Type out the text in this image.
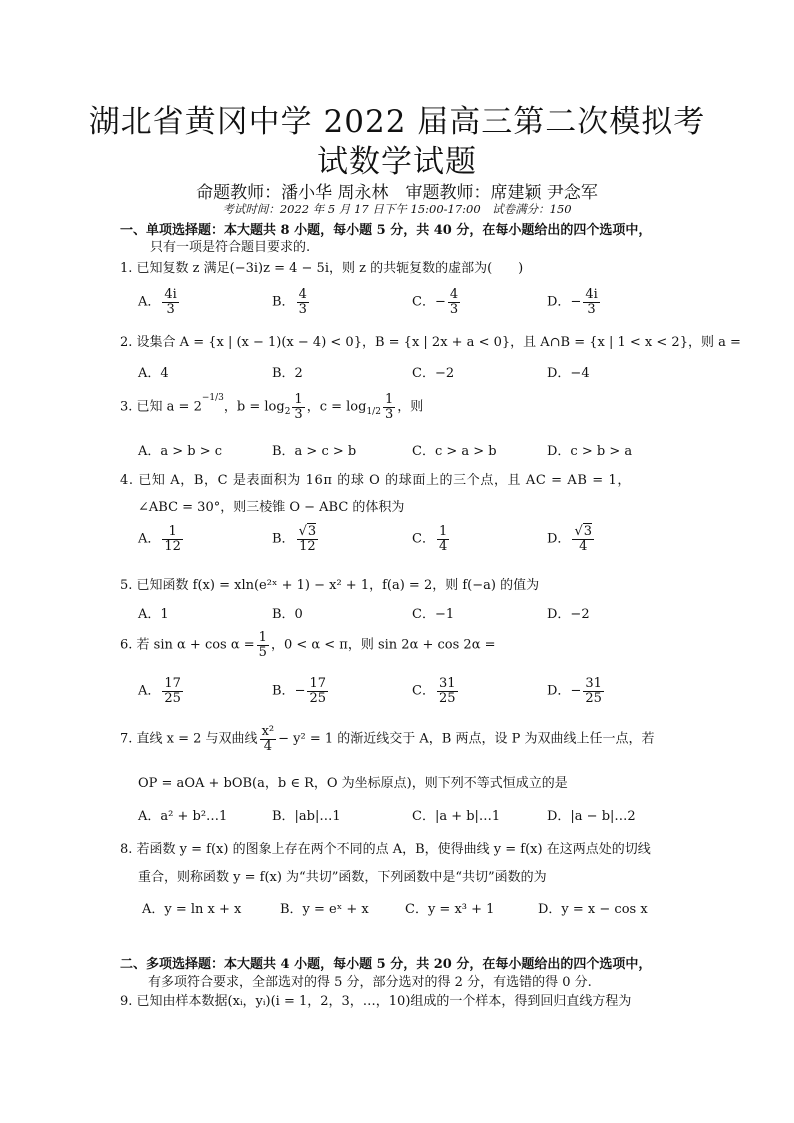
湖北省黄冈中学 2022 届高三第二次模拟考
试数学试题
命题教师：潘小华 周永林　审题教师：席建颖 尹念军
考试时间：2022 年 5 月 17 日下午 15:00-17:00　试卷满分：150
一、单项选择题：本大题共 8 小题，每小题 5 分，共 40 分，在每小题给出的四个选项中，
只有一项是符合题目要求的.
1. 已知复数 z 满足(−3i)z = 4 − 5i，则 z 的共轭复数的虚部为(　　)
A． $\frac{4i}{3}$	B． $\frac{4}{3}$	C．− $\frac{4}{3}$	D．− $\frac{4i}{3}$
2. 设集合 A = {x | (x − 1)(x − 4) < 0}，B = {x | 2x + a < 0}，且 A∩B = {x | 1 < x < 2}，则 a =
A．4	B．2	C．−2	D．−4
3. 已知 $a = 2^{-1/3}$，$b = \log_2 \frac{1}{3}$ ，$c = \log_{1/2} \frac{1}{3}$ ，则
A．a > b > c	B．a > c > b	C．c > a > b	D．c > b > a
4. 已知 A，B，C 是表面积为 16π 的球 O 的球面上的三个点，且 AC = AB = 1，
∠ABC = 30°，则三棱锥 O − ABC 的体积为
A． $\frac{1}{12}$	B． $\frac{√3}{12}$	C． $\frac{1}{4}$	D． $\frac{√3}{4}$
5. 已知函数 f(x) = xln(e²ˣ + 1) − x² + 1，f(a) = 2，则 f(−a) 的值为
A．1	B．0	C．−1	D．−2
6. 若 $\sin \alpha + \cos \alpha = \frac{1}{5}$ ，0 < α < π，则 sin 2α + cos 2α =
A． $\frac{17}{25}$	B．− $\frac{17}{25}$	C． $\frac{31}{25}$	D．− $\frac{31}{25}$
7. 直线 x = 2 与双曲线 $\frac{\text{x²}}{4} - y^2 = 1$ 的渐近线交于 A，B 两点，设 P 为双曲线上任一点，若
OP = aOA + bOB(a，b ∈ R，O 为坐标原点)，则下列不等式恒成立的是
A．a² + b²…1	B．|ab|…1	C．|a + b|…1	D．|a − b|…2
8. 若函数 y = f(x) 的图象上存在两个不同的点 A，B，使得曲线 y = f(x) 在这两点处的切线
重合，则称函数 y = f(x) 为“共切”函数，下列函数中是“共切”函数的为
A．y = ln x + x	B．y = eˣ + x	C．y = x³ + 1	D．y = x − cos x
二、多项选择题：本大题共 4 小题，每小题 5 分，共 20 分，在每小题给出的四个选项中，
有多项符合要求，全部选对的得 5 分，部分选对的得 2 分，有选错的得 0 分.
9. 已知由样本数据(xᵢ，yᵢ)(i = 1，2，3，…，10)组成的一个样本，得到回归直线方程为
